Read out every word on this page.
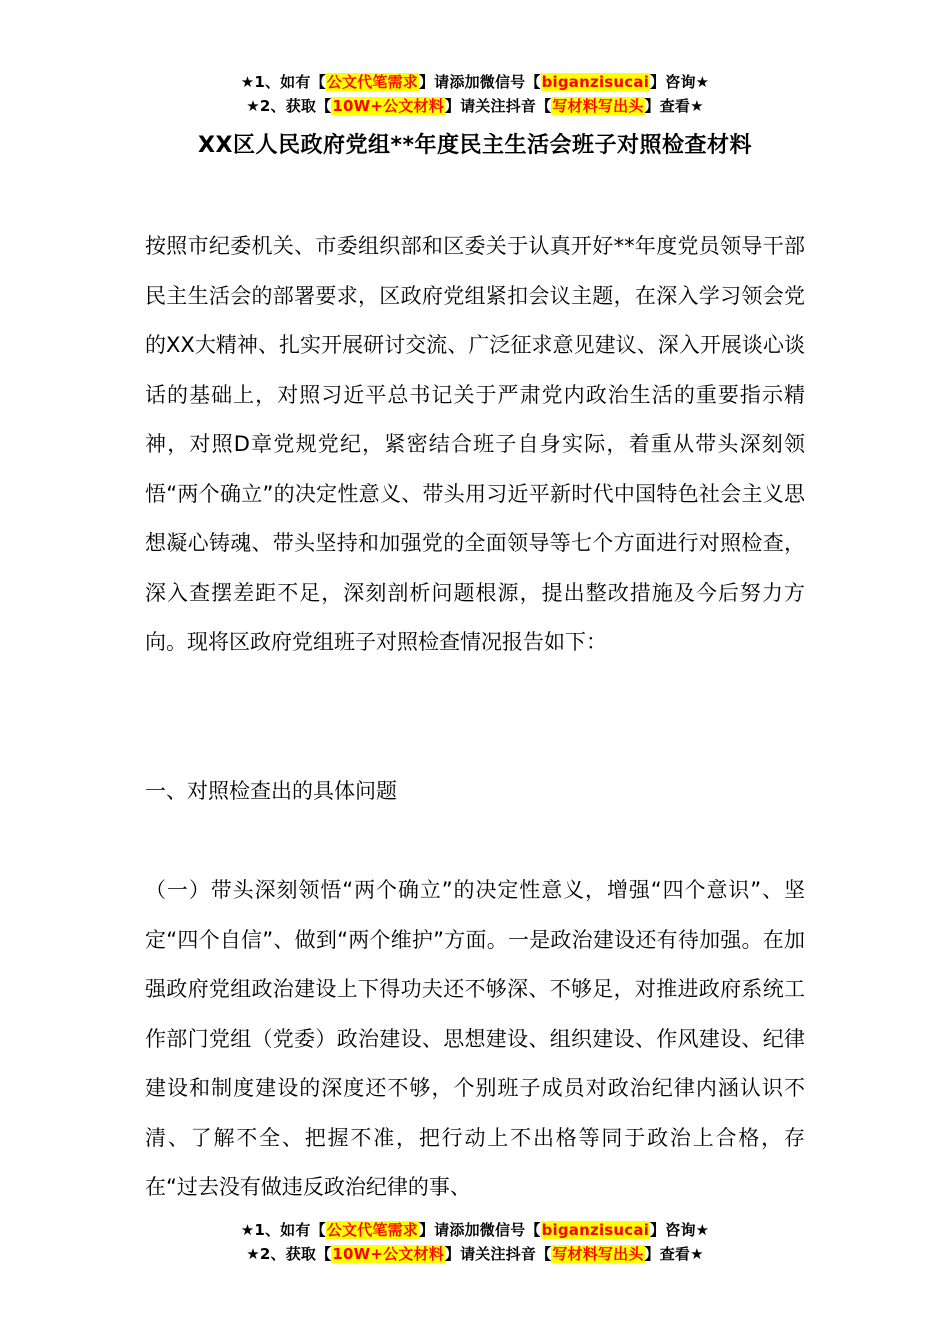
★1、如有【公文代笔需求】请添加微信号【biganzisucai】咨询★
★2、获取【10W+公文材料】请关注抖音【写材料写出头】查看★
XX区人民政府党组**年度民主生活会班子对照检查材料

按照市纪委机关、市委组织部和区委关于认真开好**年度党员领导干部民主生活会的部署要求，区政府党组紧扣会议主题，在深入学习领会党的XX大精神、扎实开展研讨交流、广泛征求意见建议、深入开展谈心谈话的基础上，对照习近平总书记关于严肃党内政治生活的重要指示精神，对照D章党规党纪，紧密结合班子自身实际，着重从带头深刻领悟“两个确立”的决定性意义、带头用习近平新时代中国特色社会主义思想凝心铸魂、带头坚持和加强党的全面领导等七个方面进行对照检查，深入查摆差距不足，深刻剖析问题根源，提出整改措施及今后努力方向。现将区政府党组班子对照检查情况报告如下：

一、对照检查出的具体问题

（一）带头深刻领悟“两个确立”的决定性意义，增强“四个意识”、坚定“四个自信”、做到“两个维护”方面。一是政治建设还有待加强。在加强政府党组政治建设上下得功夫还不够深、不够足，对推进政府系统工作部门党组（党委）政治建设、思想建设、组织建设、作风建设、纪律建设和制度建设的深度还不够，个别班子成员对政治纪律内涵认识不清、了解不全、把握不准，把行动上不出格等同于政治上合格，存在“过去没有做违反政治纪律的事、

★1、如有【公文代笔需求】请添加微信号【biganzisucai】咨询★
★2、获取【10W+公文材料】请关注抖音【写材料写出头】查看★
